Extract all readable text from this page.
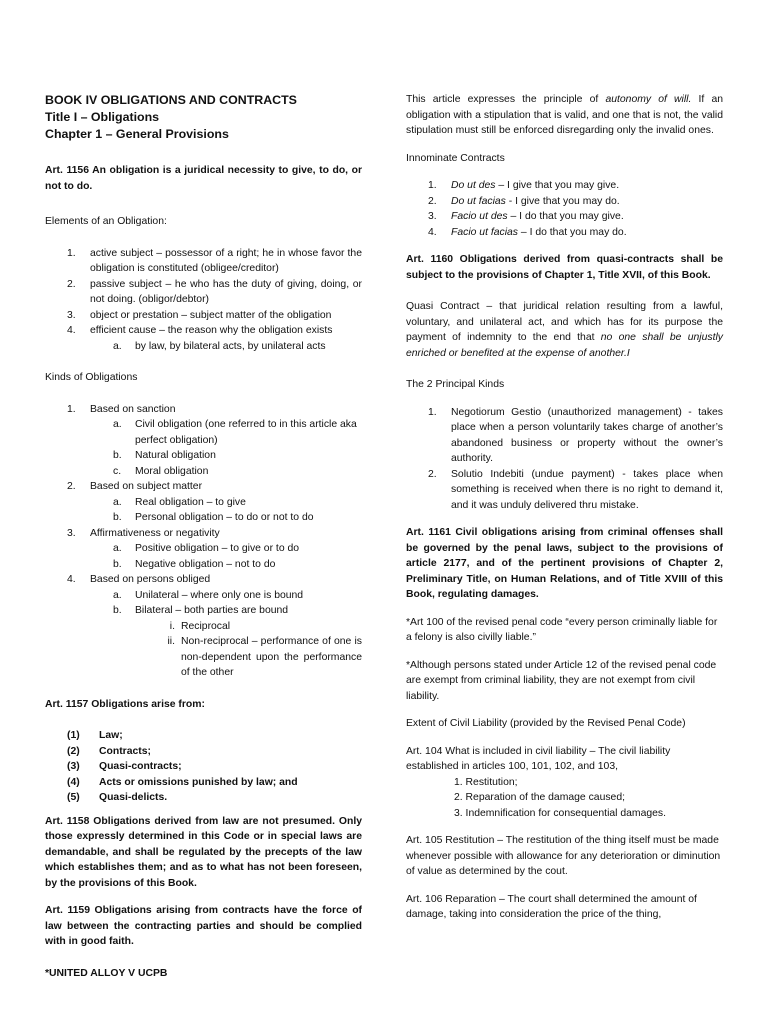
BOOK IV OBLIGATIONS AND CONTRACTS

Title I – Obligations

Chapter 1 – General Provisions

Art. 1156 An obligation is a juridical necessity to give, to do, or not to do.

Elements of an Obligation:

1.	active subject – possessor of a right; he in whose favor the obligation is constituted (obligee/creditor)
2.	passive subject – he who has the duty of giving, doing, or not doing. (obligor/debtor)
3.	object or prestation – subject matter of the obligation
4.	efficient cause – the reason why the obligation exists
a.	by law, by bilateral acts, by unilateral acts

Kinds of Obligations

1.	Based on sanction
a.	Civil obligation (one referred to in this article aka perfect obligation)
b.	Natural obligation
c.	Moral obligation
2.	Based on subject matter
a.	Real obligation – to give
b.	Personal obligation – to do or not to do
3.	Affirmativeness or negativity
a.	Positive obligation – to give or to do
b.	Negative obligation – not to do
4.	Based on persons obliged
a.	Unilateral – where only one is bound
b.	Bilateral – both parties are bound
i. Reciprocal
ii. Non-reciprocal – performance of one is non-dependent upon the performance of the other

Art. 1157 Obligations arise from:

(1)	Law;
(2)	Contracts;
(3)	Quasi-contracts;
(4)	Acts or omissions punished by law; and
(5)	Quasi-delicts.

Art. 1158 Obligations derived from law are not presumed. Only those expressly determined in this Code or in special laws are demandable, and shall be regulated by the precepts of the law which establishes them; and as to what has not been foreseen, by the provisions of this Book.

Art. 1159 Obligations arising from contracts have the force of law between the contracting parties and should be complied with in good faith.

*UNITED ALLOY V UCPB

This article expresses the principle of autonomy of will. If an obligation with a stipulation that is valid, and one that is not, the valid stipulation must still be enforced disregarding only the invalid ones.

Innominate Contracts

1.	Do ut des – I give that you may give.
2.	Do ut facias - I give that you may do.
3.	Facio ut des – I do that you may give.
4.	Facio ut facias – I do that you may do.

Art. 1160 Obligations derived from quasi-contracts shall be subject to the provisions of Chapter 1, Title XVII, of this Book.

Quasi Contract – that juridical relation resulting from a lawful, voluntary, and unilateral act, and which has for its purpose the payment of indemnity to the end that no one shall be unjustly enriched or benefited at the expense of another.I

The 2 Principal Kinds

1.	Negotiorum Gestio (unauthorized management) - takes place when a person voluntarily takes charge of another’s abandoned business or property without the owner’s authority.
2.	Solutio Indebiti (undue payment) - takes place when something is received when there is no right to demand it, and it was unduly delivered thru mistake.

Art. 1161 Civil obligations arising from criminal offenses shall be governed by the penal laws, subject to the provisions of article 2177, and of the pertinent provisions of Chapter 2, Preliminary Title, on Human Relations, and of Title XVIII of this Book, regulating damages.

*Art 100 of the revised penal code “every person criminally liable for a felony is also civilly liable.”

*Although persons stated under Article 12 of the revised penal code are exempt from criminal liability, they are not exempt from civil liability.

Extent of Civil Liability (provided by the Revised Penal Code)

Art. 104 What is included in civil liability – The civil liability established in articles 100, 101, 102, and 103,

1. Restitution;

2. Reparation of the damage caused;

3. Indemnification for consequential damages.

Art. 105 Restitution – The restitution of the thing itself must be made whenever possible with allowance for any deterioration or diminution of value as determined by the cout.

Art. 106 Reparation – The court shall determined the amount of damage, taking into consideration the price of the thing,
